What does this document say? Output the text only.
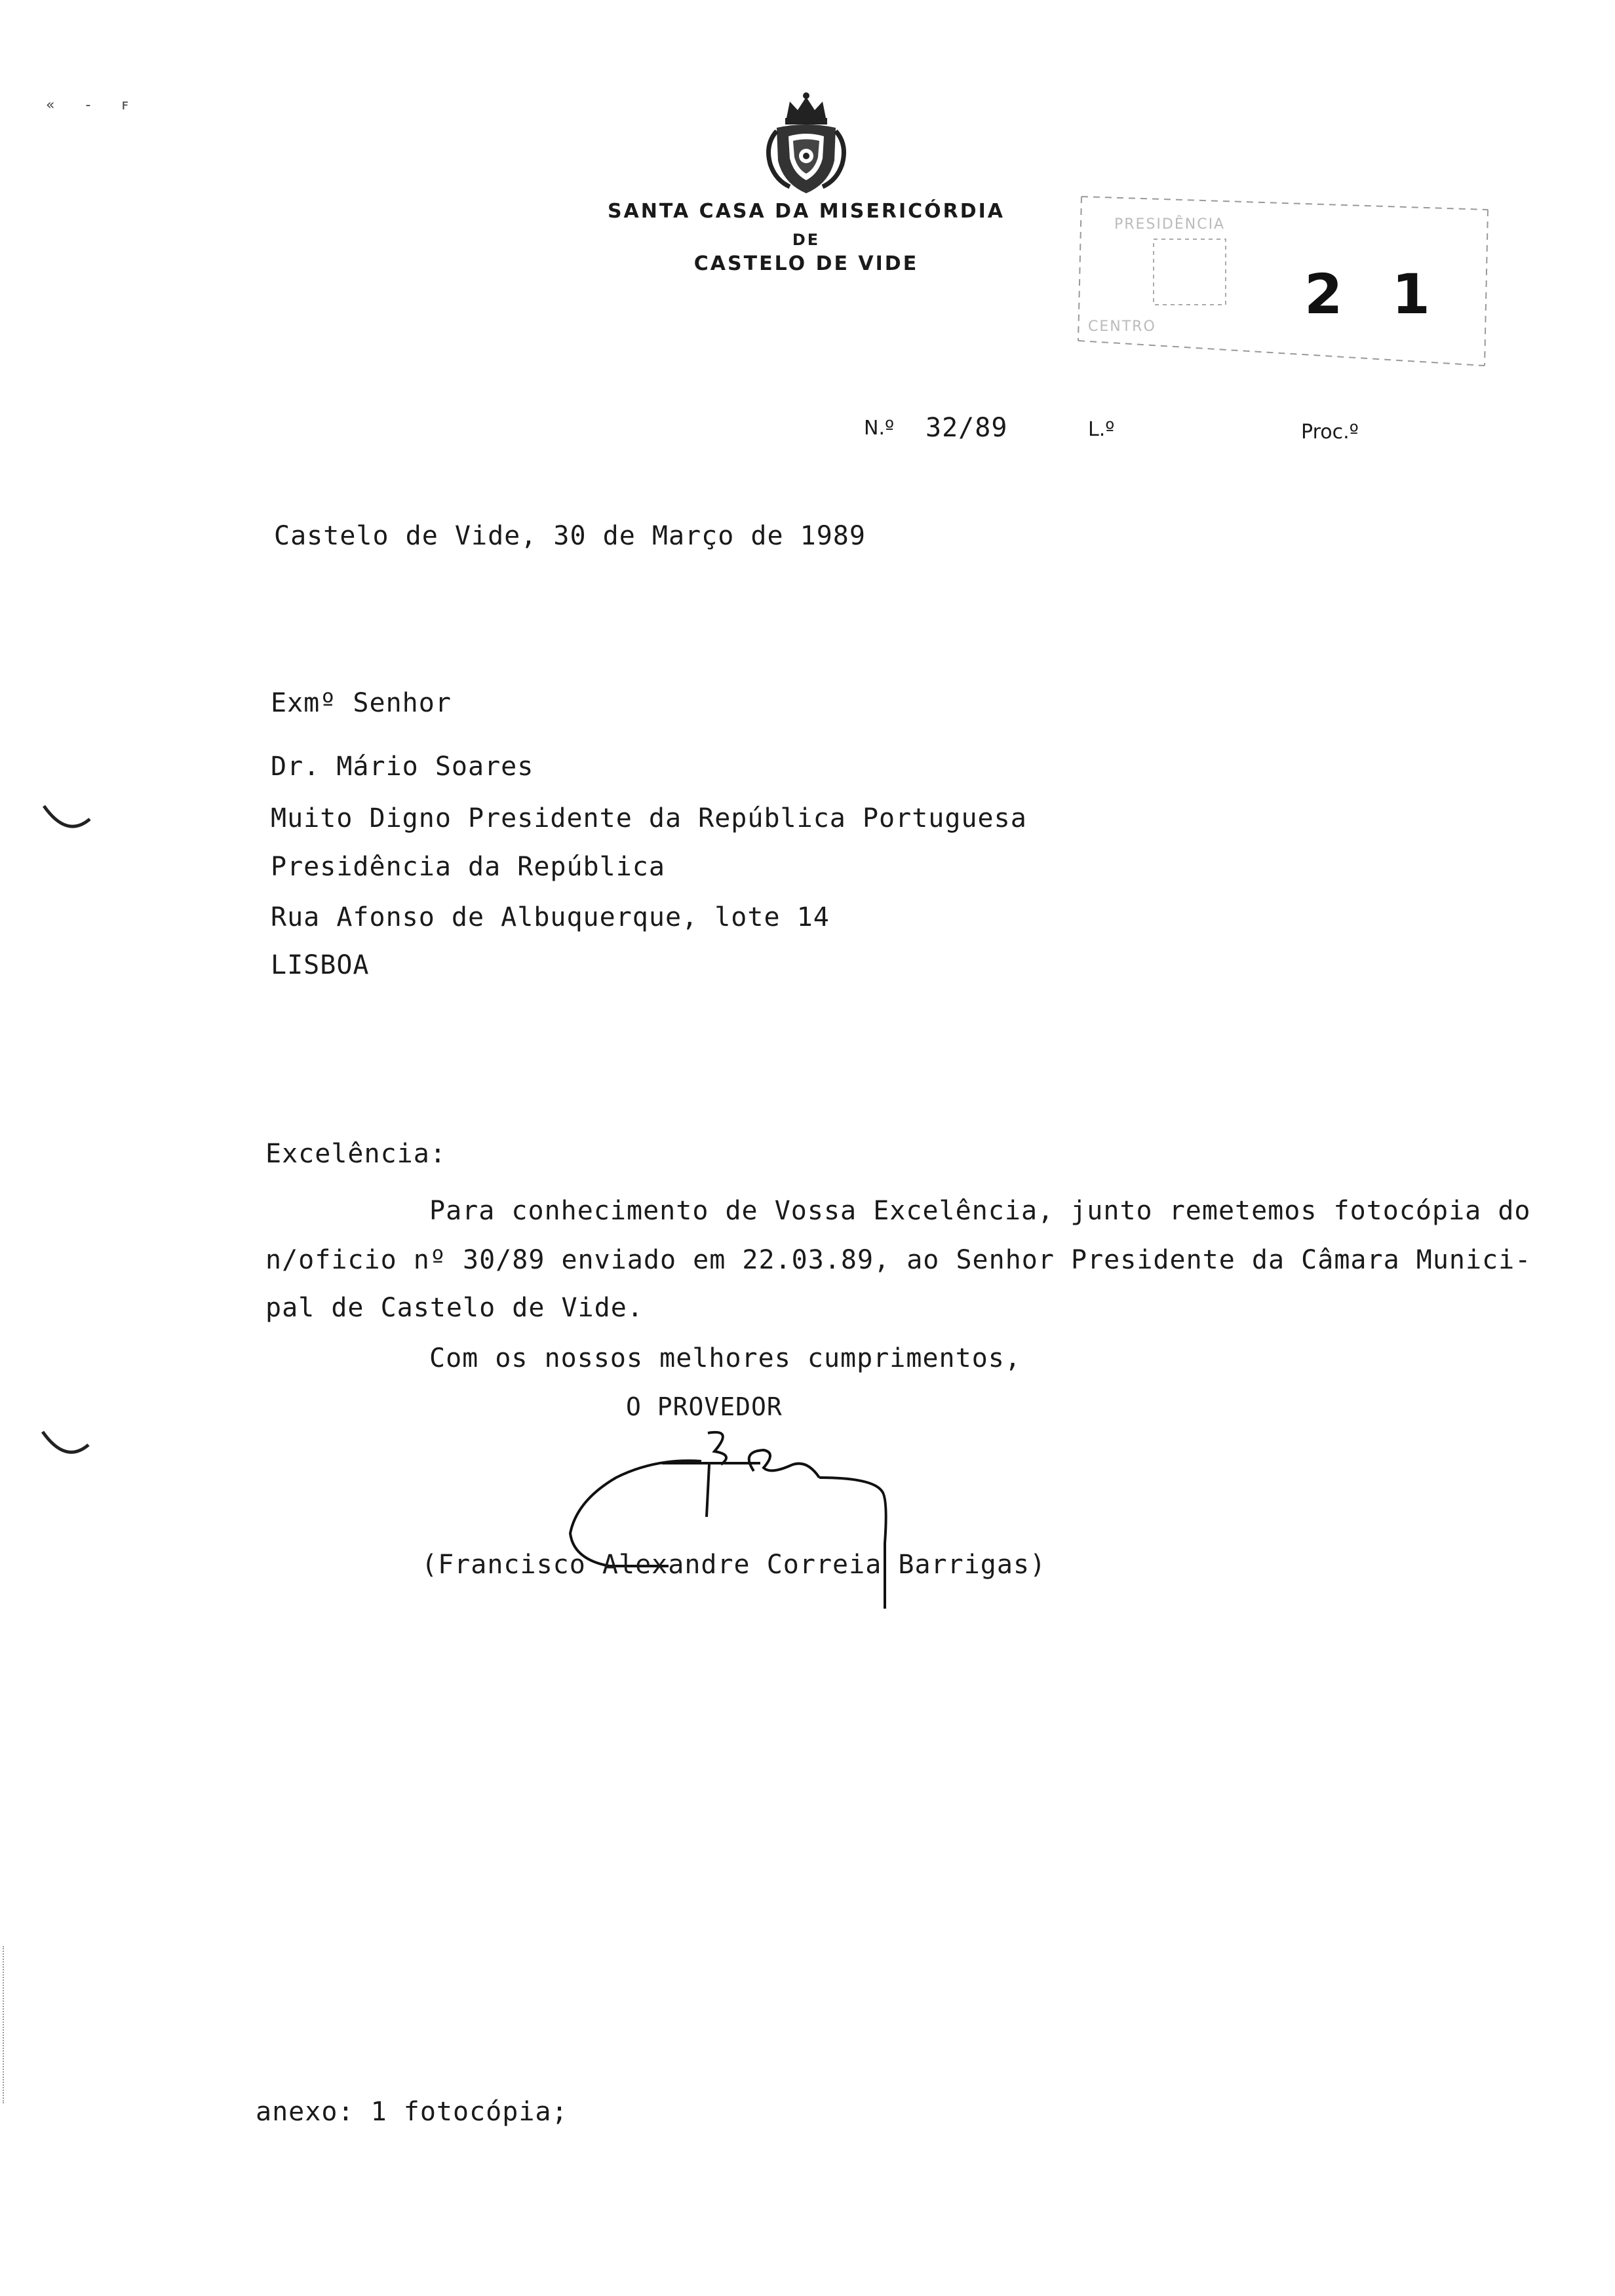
« - ꜰ
SANTA CASA DA MISERICÓRDIA
DE
CASTELO DE VIDE
PRESIDÊNCIA
CENTRO
21
N.º 32/89	L.º	Proc.º
Castelo de Vide, 30 de Março de 1989
Exmº Senhor
Dr. Mário Soares
Muito Digno Presidente da República Portuguesa
Presidência da República
Rua Afonso de Albuquerque, lote 14
LISBOA
Excelência:
Para conhecimento de Vossa Excelência, junto remetemos fotocópia do
n/oficio nº 30/89 enviado em 22.03.89, ao Senhor Presidente da Câmara Munici-
pal de Castelo de Vide.
Com os nossos melhores cumprimentos,
O PROVEDOR
(Francisco Alexandre Correia Barrigas)
anexo: 1 fotocópia;
